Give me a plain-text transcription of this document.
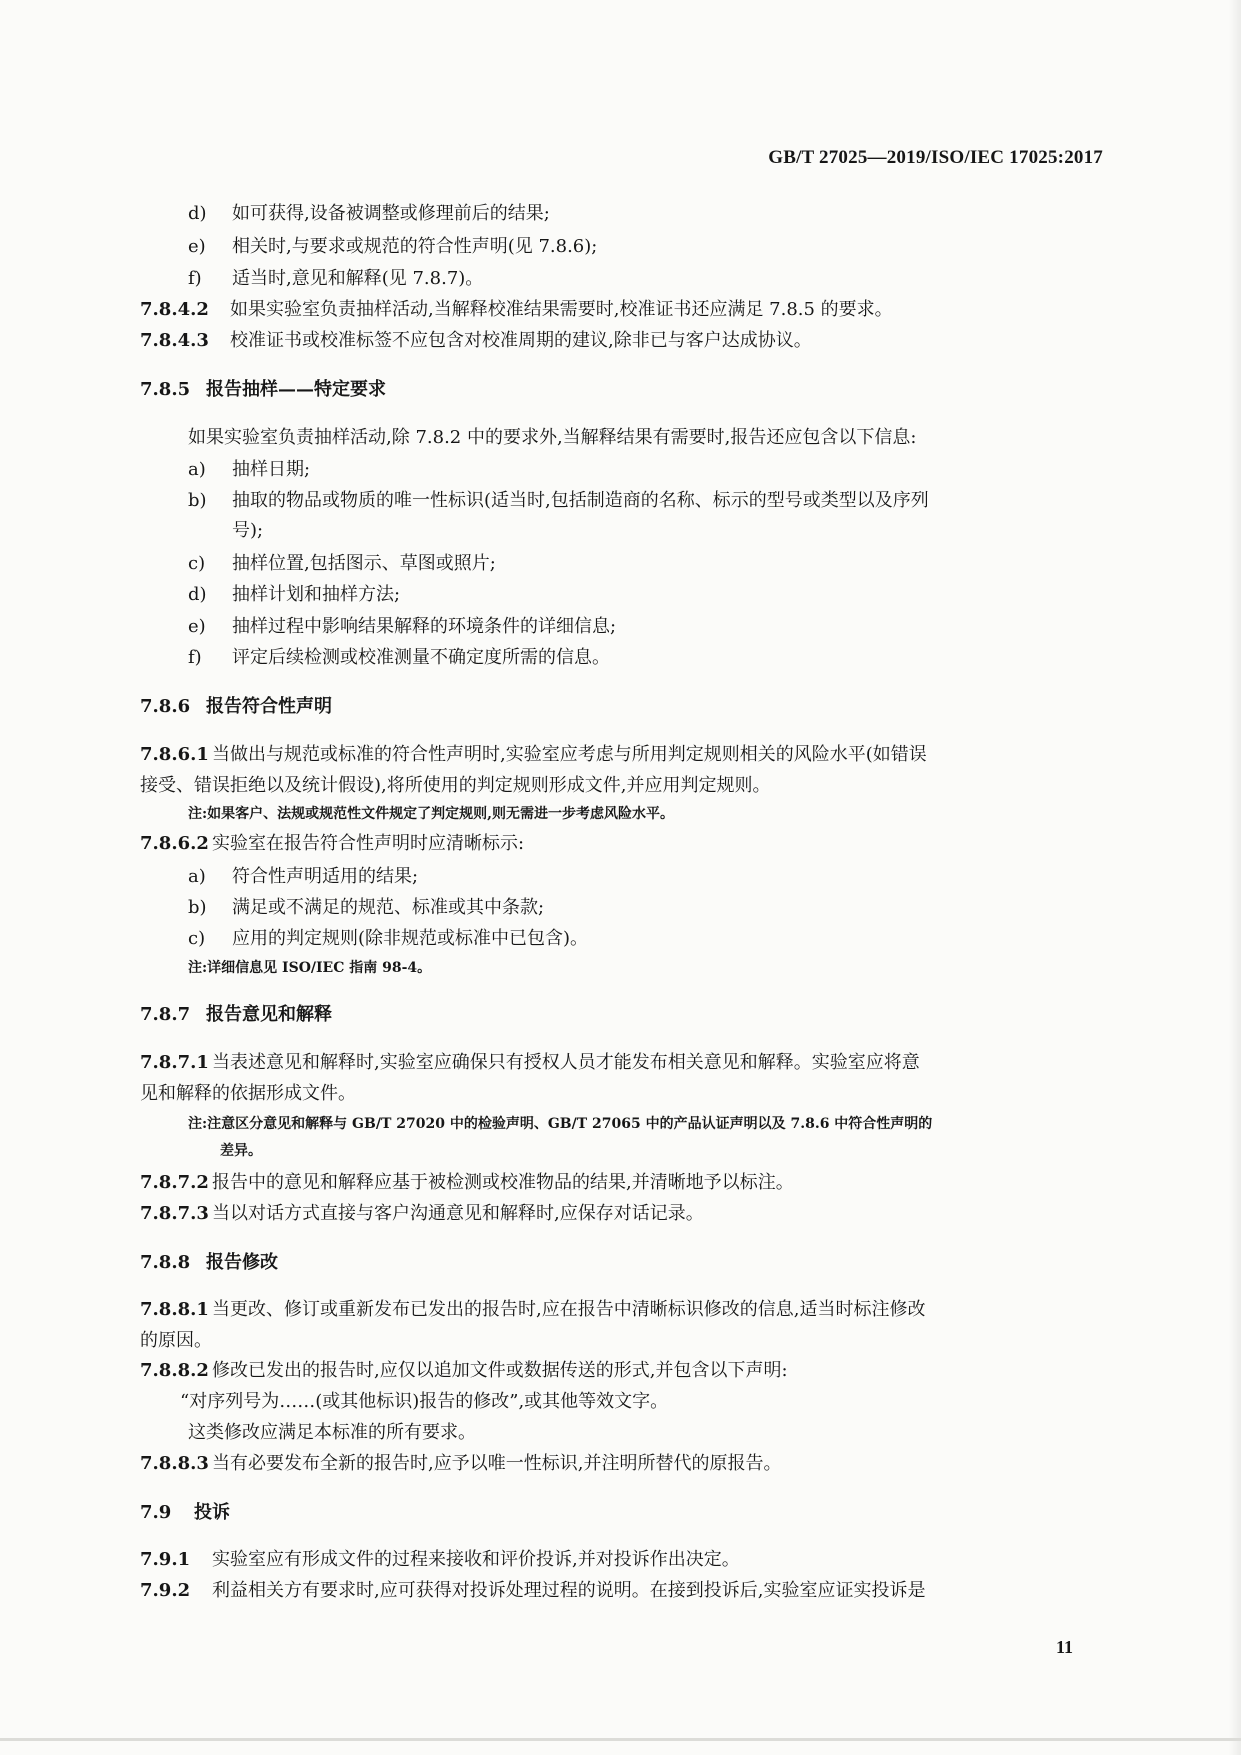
GB/T 27025—2019/ISO/IEC 17025:2017
d) 如可获得,设备被调整或修理前后的结果;
e) 相关时,与要求或规范的符合性声明(见 7.8.6);
f) 适当时,意见和解释(见 7.8.7)。
7.8.4.2 如果实验室负责抽样活动,当解释校准结果需要时,校准证书还应满足 7.8.5 的要求。
7.8.4.3 校准证书或校准标签不应包含对校准周期的建议,除非已与客户达成协议。
7.8.5 报告抽样——特定要求
如果实验室负责抽样活动,除 7.8.2 中的要求外,当解释结果有需要时,报告还应包含以下信息:
a) 抽样日期;
b) 抽取的物品或物质的唯一性标识(适当时,包括制造商的名称、标示的型号或类型以及序列
号);
c) 抽样位置,包括图示、草图或照片;
d) 抽样计划和抽样方法;
e) 抽样过程中影响结果解释的环境条件的详细信息;
f) 评定后续检测或校准测量不确定度所需的信息。
7.8.6 报告符合性声明
7.8.6.1 当做出与规范或标准的符合性声明时,实验室应考虑与所用判定规则相关的风险水平(如错误
接受、错误拒绝以及统计假设),将所使用的判定规则形成文件,并应用判定规则。
注:如果客户、法规或规范性文件规定了判定规则,则无需进一步考虑风险水平。
7.8.6.2 实验室在报告符合性声明时应清晰标示:
a) 符合性声明适用的结果;
b) 满足或不满足的规范、标准或其中条款;
c) 应用的判定规则(除非规范或标准中已包含)。
注:详细信息见 ISO/IEC 指南 98-4。
7.8.7 报告意见和解释
7.8.7.1 当表述意见和解释时,实验室应确保只有授权人员才能发布相关意见和解释。实验室应将意
见和解释的依据形成文件。
注:注意区分意见和解释与 GB/T 27020 中的检验声明、GB/T 27065 中的产品认证声明以及 7.8.6 中符合性声明的
差异。
7.8.7.2 报告中的意见和解释应基于被检测或校准物品的结果,并清晰地予以标注。
7.8.7.3 当以对话方式直接与客户沟通意见和解释时,应保存对话记录。
7.8.8 报告修改
7.8.8.1 当更改、修订或重新发布已发出的报告时,应在报告中清晰标识修改的信息,适当时标注修改
的原因。
7.8.8.2 修改已发出的报告时,应仅以追加文件或数据传送的形式,并包含以下声明:
“对序列号为……(或其他标识)报告的修改”,或其他等效文字。
这类修改应满足本标准的所有要求。
7.8.8.3 当有必要发布全新的报告时,应予以唯一性标识,并注明所替代的原报告。
7.9 投诉
7.9.1 实验室应有形成文件的过程来接收和评价投诉,并对投诉作出决定。
7.9.2 利益相关方有要求时,应可获得对投诉处理过程的说明。在接到投诉后,实验室应证实投诉是
11
